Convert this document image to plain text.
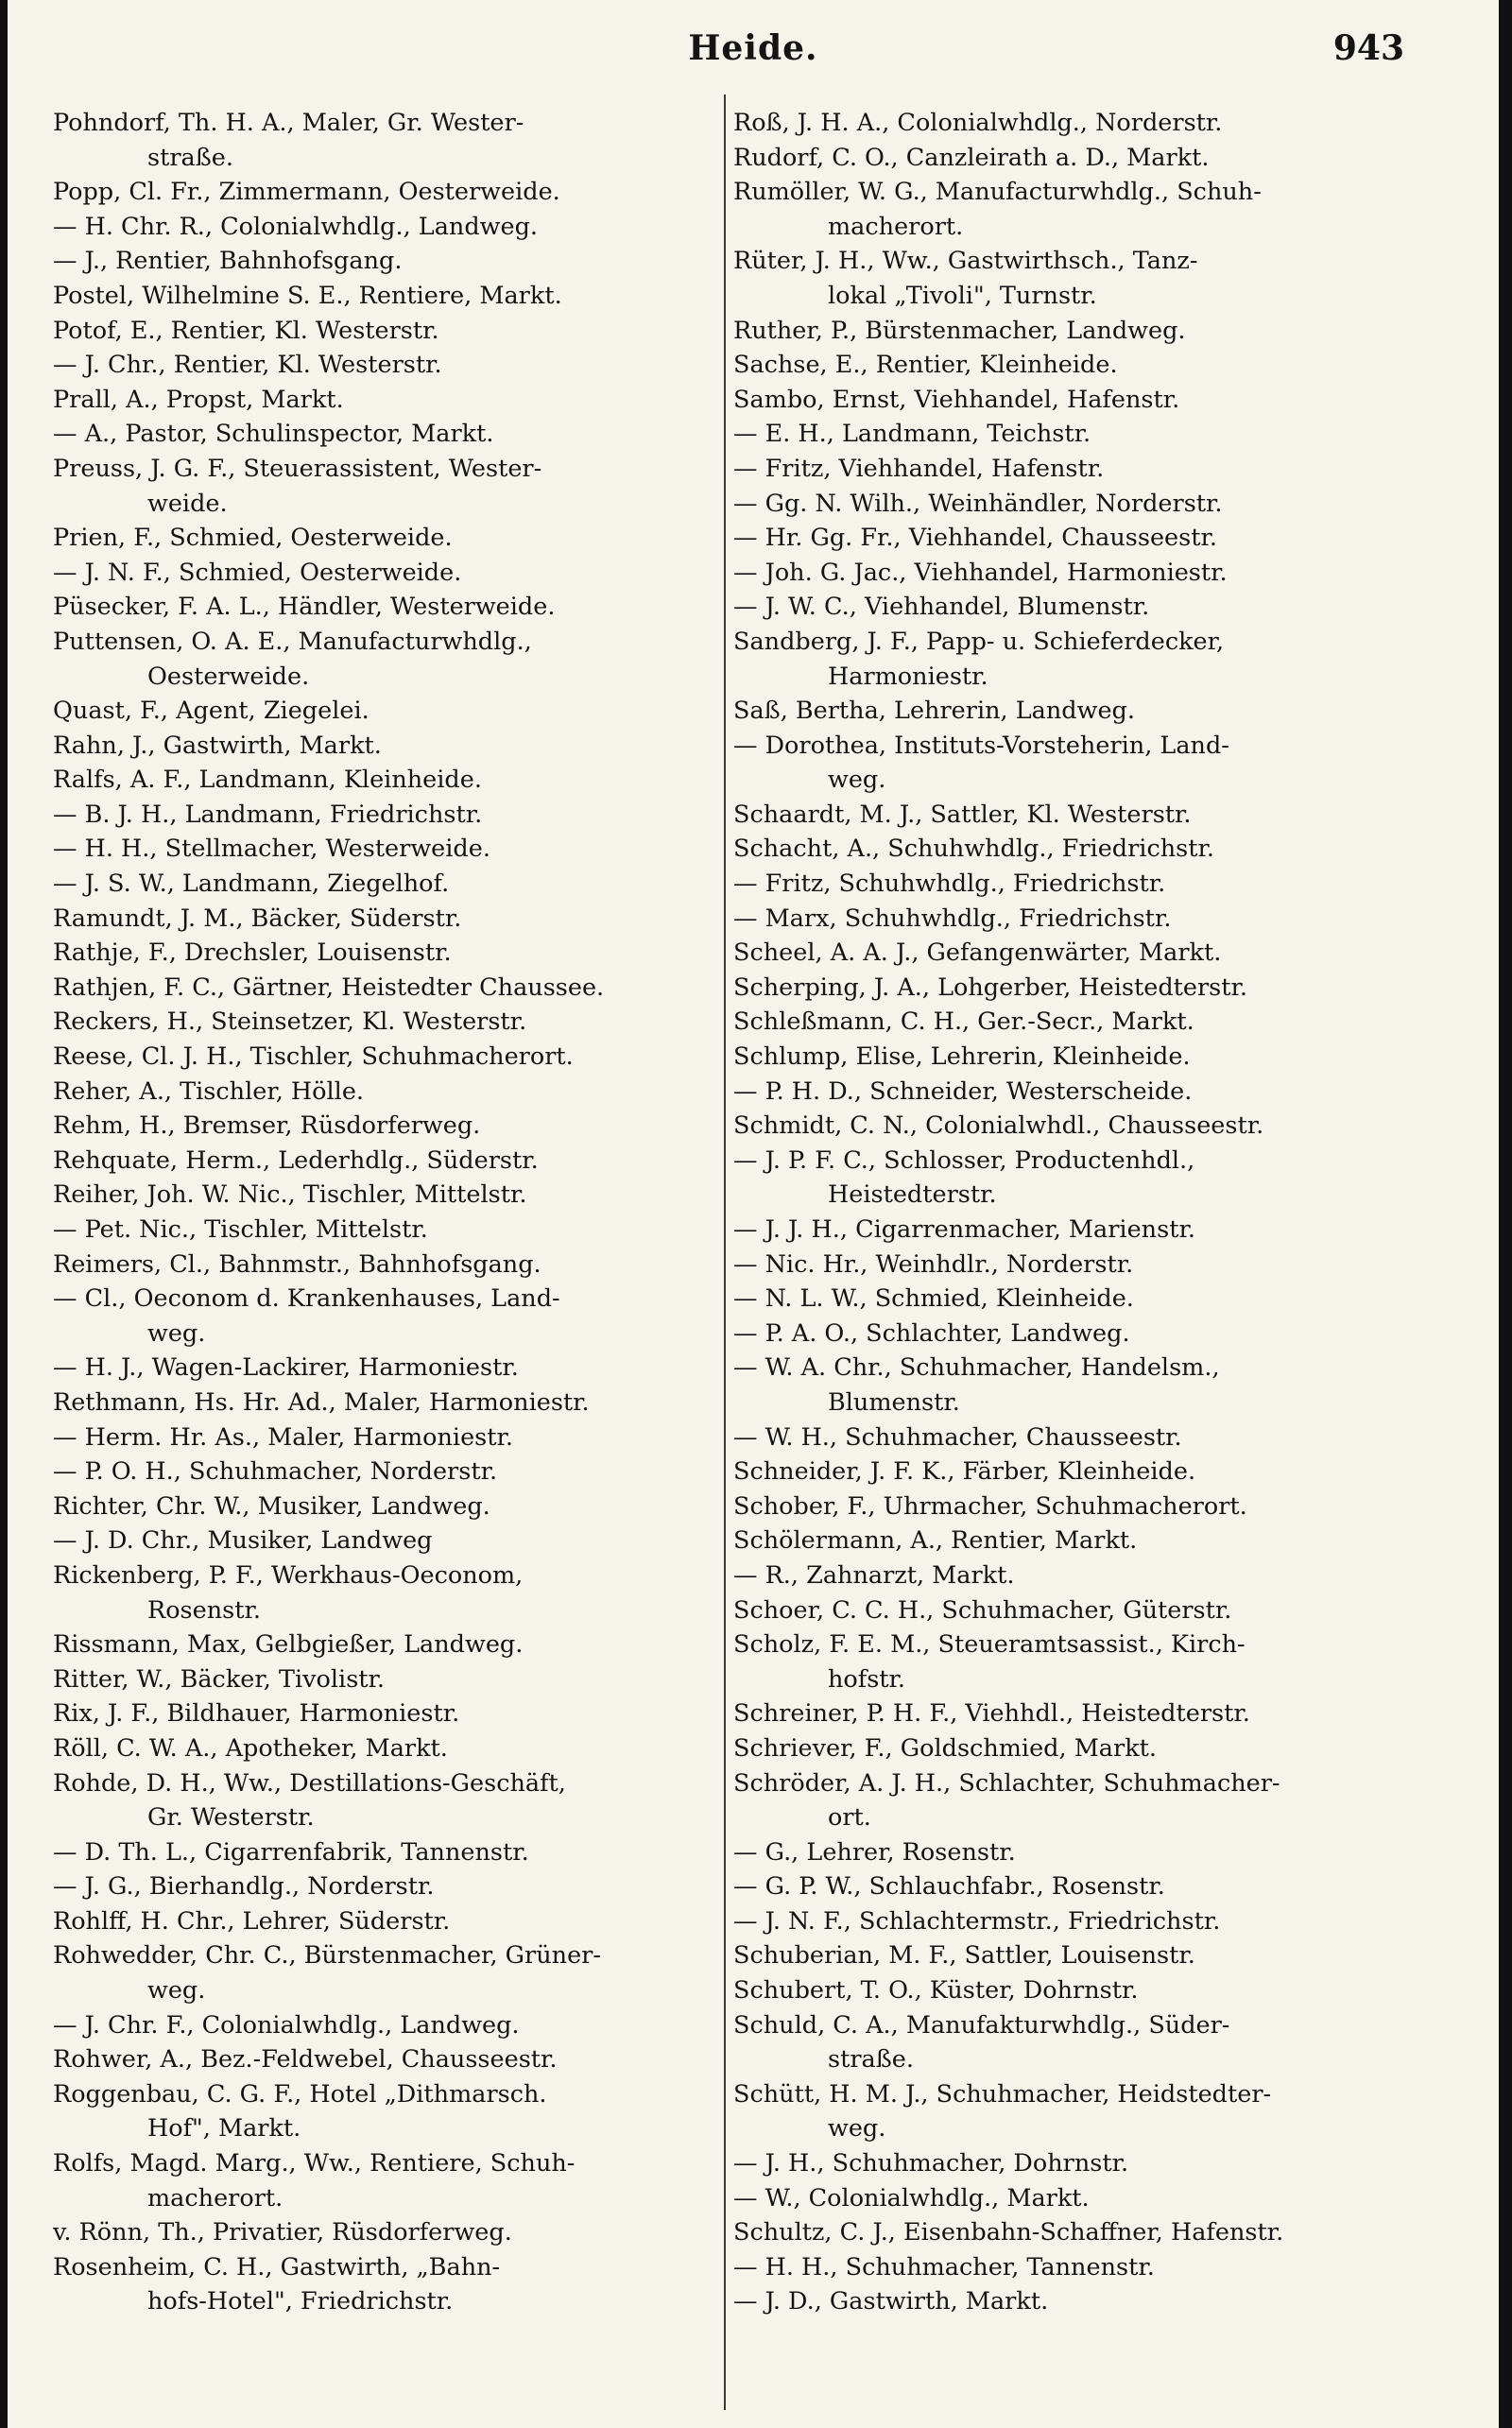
Heide.	943
Pohndorf, Th. H. A., Maler, Gr. Wester-
straße.
Popp, Cl. Fr., Zimmermann, Oesterweide.
— H. Chr. R., Colonialwhdlg., Landweg.
— J., Rentier, Bahnhofsgang.
Postel, Wilhelmine S. E., Rentiere, Markt.
Potof, E., Rentier, Kl. Westerstr.
— J. Chr., Rentier, Kl. Westerstr.
Prall, A., Propst, Markt.
— A., Pastor, Schulinspector, Markt.
Preuss, J. G. F., Steuerassistent, Wester-
weide.
Prien, F., Schmied, Oesterweide.
— J. N. F., Schmied, Oesterweide.
Püsecker, F. A. L., Händler, Westerweide.
Puttensen, O. A. E., Manufacturwhdlg.,
Oesterweide.
Quast, F., Agent, Ziegelei.
Rahn, J., Gastwirth, Markt.
Ralfs, A. F., Landmann, Kleinheide.
— B. J. H., Landmann, Friedrichstr.
— H. H., Stellmacher, Westerweide.
— J. S. W., Landmann, Ziegelhof.
Ramundt, J. M., Bäcker, Süderstr.
Rathje, F., Drechsler, Louisenstr.
Rathjen, F. C., Gärtner, Heistedter Chaussee.
Reckers, H., Steinsetzer, Kl. Westerstr.
Reese, Cl. J. H., Tischler, Schuhmacherort.
Reher, A., Tischler, Hölle.
Rehm, H., Bremser, Rüsdorferweg.
Rehquate, Herm., Lederhdlg., Süderstr.
Reiher, Joh. W. Nic., Tischler, Mittelstr.
— Pet. Nic., Tischler, Mittelstr.
Reimers, Cl., Bahnmstr., Bahnhofsgang.
— Cl., Oeconom d. Krankenhauses, Land-
weg.
— H. J., Wagen-Lackirer, Harmoniestr.
Rethmann, Hs. Hr. Ad., Maler, Harmoniestr.
— Herm. Hr. As., Maler, Harmoniestr.
— P. O. H., Schuhmacher, Norderstr.
Richter, Chr. W., Musiker, Landweg.
— J. D. Chr., Musiker, Landweg
Rickenberg, P. F., Werkhaus-Oeconom,
Rosenstr.
Rissmann, Max, Gelbgießer, Landweg.
Ritter, W., Bäcker, Tivolistr.
Rix, J. F., Bildhauer, Harmoniestr.
Röll, C. W. A., Apotheker, Markt.
Rohde, D. H., Ww., Destillations-Geschäft,
Gr. Westerstr.
— D. Th. L., Cigarrenfabrik, Tannenstr.
— J. G., Bierhandlg., Norderstr.
Rohlff, H. Chr., Lehrer, Süderstr.
Rohwedder, Chr. C., Bürstenmacher, Grüner-
weg.
— J. Chr. F., Colonialwhdlg., Landweg.
Rohwer, A., Bez.-Feldwebel, Chausseestr.
Roggenbau, C. G. F., Hotel „Dithmarsch.
Hof", Markt.
Rolfs, Magd. Marg., Ww., Rentiere, Schuh-
macherort.
v. Rönn, Th., Privatier, Rüsdorferweg.
Rosenheim, C. H., Gastwirth, „Bahn-
hofs-Hotel", Friedrichstr.
Roß, J. H. A., Colonialwhdlg., Norderstr.
Rudorf, C. O., Canzleirath a. D., Markt.
Rumöller, W. G., Manufacturwhdlg., Schuh-
macherort.
Rüter, J. H., Ww., Gastwirthsch., Tanz-
lokal „Tivoli", Turnstr.
Ruther, P., Bürstenmacher, Landweg.
Sachse, E., Rentier, Kleinheide.
Sambo, Ernst, Viehhandel, Hafenstr.
— E. H., Landmann, Teichstr.
— Fritz, Viehhandel, Hafenstr.
— Gg. N. Wilh., Weinhändler, Norderstr.
— Hr. Gg. Fr., Viehhandel, Chausseestr.
— Joh. G. Jac., Viehhandel, Harmoniestr.
— J. W. C., Viehhandel, Blumenstr.
Sandberg, J. F., Papp- u. Schieferdecker,
Harmoniestr.
Saß, Bertha, Lehrerin, Landweg.
— Dorothea, Instituts-Vorsteherin, Land-
weg.
Schaardt, M. J., Sattler, Kl. Westerstr.
Schacht, A., Schuhwhdlg., Friedrichstr.
— Fritz, Schuhwhdlg., Friedrichstr.
— Marx, Schuhwhdlg., Friedrichstr.
Scheel, A. A. J., Gefangenwärter, Markt.
Scherping, J. A., Lohgerber, Heistedterstr.
Schleßmann, C. H., Ger.-Secr., Markt.
Schlump, Elise, Lehrerin, Kleinheide.
— P. H. D., Schneider, Westerscheide.
Schmidt, C. N., Colonialwhdl., Chausseestr.
— J. P. F. C., Schlosser, Productenhdl.,
Heistedterstr.
— J. J. H., Cigarrenmacher, Marienstr.
— Nic. Hr., Weinhdlr., Norderstr.
— N. L. W., Schmied, Kleinheide.
— P. A. O., Schlachter, Landweg.
— W. A. Chr., Schuhmacher, Handelsm.,
Blumenstr.
— W. H., Schuhmacher, Chausseestr.
Schneider, J. F. K., Färber, Kleinheide.
Schober, F., Uhrmacher, Schuhmacherort.
Schölermann, A., Rentier, Markt.
— R., Zahnarzt, Markt.
Schoer, C. C. H., Schuhmacher, Güterstr.
Scholz, F. E. M., Steueramtsassist., Kirch-
hofstr.
Schreiner, P. H. F., Viehhdl., Heistedterstr.
Schriever, F., Goldschmied, Markt.
Schröder, A. J. H., Schlachter, Schuhmacher-
ort.
— G., Lehrer, Rosenstr.
— G. P. W., Schlauchfabr., Rosenstr.
— J. N. F., Schlachtermstr., Friedrichstr.
Schuberian, M. F., Sattler, Louisenstr.
Schubert, T. O., Küster, Dohrnstr.
Schuld, C. A., Manufakturwhdlg., Süder-
straße.
Schütt, H. M. J., Schuhmacher, Heidstedter-
weg.
— J. H., Schuhmacher, Dohrnstr.
— W., Colonialwhdlg., Markt.
Schultz, C. J., Eisenbahn-Schaffner, Hafenstr.
— H. H., Schuhmacher, Tannenstr.
— J. D., Gastwirth, Markt.
